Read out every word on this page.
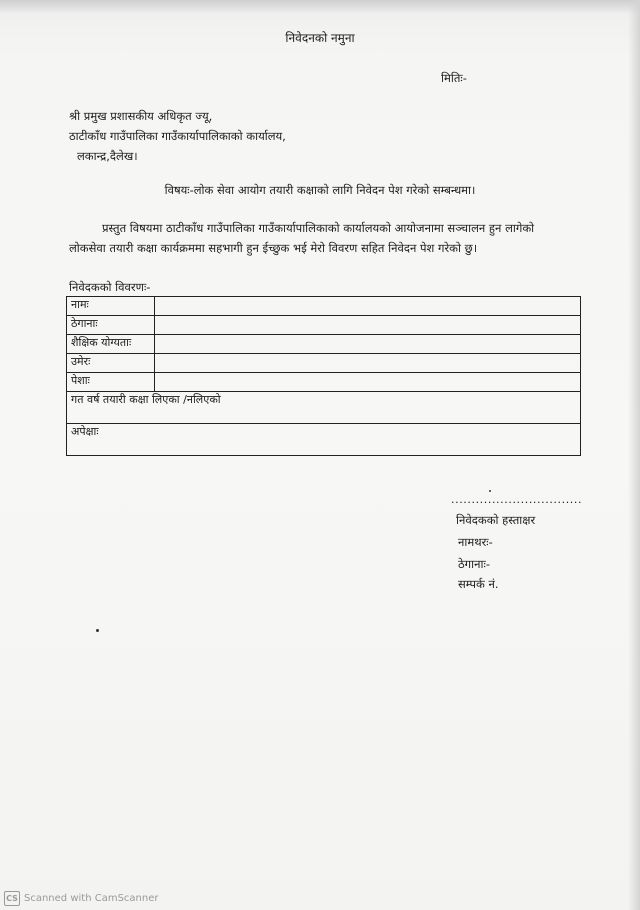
निवेदनको नमुना
मितिः-
श्री प्रमुख प्रशासकीय अधिकृत ज्यू,
ठाटीकाँध गाउँपालिका गाउँकार्यापालिकाको कार्यालय,
लकान्द्र,दैलेख।
विषयः-लोक सेवा आयोग तयारी कक्षाको लागि निवेदन पेश गरेको सम्बन्धमा।
प्रस्तुत विषयमा ठाटीकाँध गाउँपालिका गाउँकार्यापालिकाको कार्यालयको आयोजनामा सञ्चालन हुन लागेको
लोकसेवा तयारी कक्षा कार्यक्रममा सहभागी हुन ईच्छुक भई मेरो विवरण सहित निवेदन पेश गरेको छु।
निवेदकको विवरणः-
नामः	
ठेगानाः	
शैक्षिक योग्यताः	
उमेरः	
पेशाः	
गत वर्ष तयारी कक्षा लिएका /नलिएको	
अपेक्षाः	
................................
निवेदकको हस्ताक्षर
नामथरः-
ठेगानाः-
सम्पर्क नं.
CS Scanned with CamScanner
